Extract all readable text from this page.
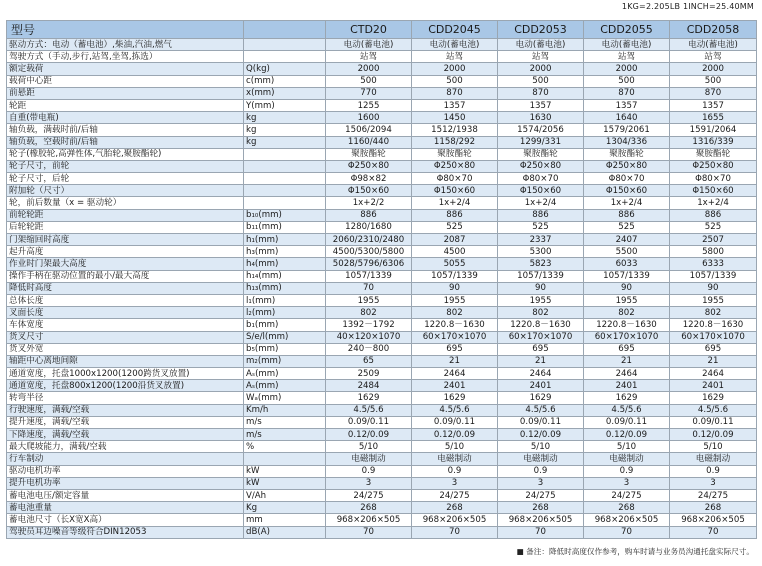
1KG=2.205LB 1INCH=25.40MM
型号		CTD20	CDD2045	CDD2053	CDD2055	CDD2058
驱动方式：电动（蓄电池）,柴油,汽油,燃气		电动(蓄电池)	电动(蓄电池)	电动(蓄电池)	电动(蓄电池)	电动(蓄电池)
驾驶方式（手动,步行,站驾,坐驾,拣选）		站驾	站驾	站驾	站驾	站驾
额定载荷	Q(kg)	2000	2000	2000	2000	2000
载荷中心距	c(mm)	500	500	500	500	500
前悬距	x(mm)	770	870	870	870	870
轮距	Y(mm)	1255	1357	1357	1357	1357
自重(带电瓶)	kg	1600	1450	1630	1640	1655
轴负载，满载时前/后轴	kg	1506/2094	1512/1938	1574/2056	1579/2061	1591/2064
轴负载，空载时前/后轴	kg	1160/440	1158/292	1299/331	1304/336	1316/339
轮子(橡胶轮,高弹性体,气胎轮,聚胺酯轮)		聚胺酯轮	聚胺酯轮	聚胺酯轮	聚胺酯轮	聚胺酯轮
轮子尺寸，前轮		Φ250×80	Φ250×80	Φ250×80	Φ250×80	Φ250×80
轮子尺寸，后轮		Φ98×82	Φ80×70	Φ80×70	Φ80×70	Φ80×70
附加轮（尺寸）		Φ150×60	Φ150×60	Φ150×60	Φ150×60	Φ150×60
轮，前后数量（x = 驱动轮）		1x+2/2	1x+2/4	1x+2/4	1x+2/4	1x+2/4
前轮轮距	b₁₀(mm)	886	886	886	886	886
后轮轮距	b₁₁(mm)	1280/1680	525	525	525	525
门架缩回时高度	h₁(mm)	2060/2310/2480	2087	2337	2407	2507
起升高度	h₃(mm)	4500/5300/5800	4500	5300	5500	5800
作业时门架最大高度	h₄(mm)	5028/5796/6306	5055	5823	6033	6333
操作手柄在驱动位置的最小/最大高度	h₁₄(mm)	1057/1339	1057/1339	1057/1339	1057/1339	1057/1339
降低时高度	h₁₃(mm)	70	90	90	90	90
总体长度	l₁(mm)	1955	1955	1955	1955	1955
叉面长度	l₂(mm)	802	802	802	802	802
车体宽度	b₁(mm)	1392－1792	1220.8－1630	1220.8－1630	1220.8－1630	1220.8－1630
货叉尺寸	S/e/l(mm)	40×120×1070	60×170×1070	60×170×1070	60×170×1070	60×170×1070
货叉外宽	b₅(mm)	240－800	695	695	695	695
轴距中心离地间隙	m₂(mm)	65	21	21	21	21
通道宽度，托盘1000x1200(1200跨货叉放置)	Aₛ(mm)	2509	2464	2464	2464	2464
通道宽度，托盘800x1200(1200沿货叉放置)	Aₛ(mm)	2484	2401	2401	2401	2401
转弯半径	Wₐ(mm)	1629	1629	1629	1629	1629
行驶速度，满载/空载	Km/h	4.5/5.6	4.5/5.6	4.5/5.6	4.5/5.6	4.5/5.6
提升速度，满载/空载	m/s	0.09/0.11	0.09/0.11	0.09/0.11	0.09/0.11	0.09/0.11
下降速度，满载/空载	m/s	0.12/0.09	0.12/0.09	0.12/0.09	0.12/0.09	0.12/0.09
最大爬坡能力，满载/空载	%	5/10	5/10	5/10	5/10	5/10
行车制动		电磁制动	电磁制动	电磁制动	电磁制动	电磁制动
驱动电机功率	kW	0.9	0.9	0.9	0.9	0.9
提升电机功率	kW	3	3	3	3	3
蓄电池电压/额定容量	V/Ah	24/275	24/275	24/275	24/275	24/275
蓄电池重量	Kg	268	268	268	268	268
蓄电池尺寸（长X宽X高）	mm	968×206×505	968×206×505	968×206×505	968×206×505	968×206×505
驾驶员耳边噪音等级符合DIN12053	dB(A)	70	70	70	70	70
■ 备注：降低时高度仅作参考，购车时请与业务员沟通托盘实际尺寸。
